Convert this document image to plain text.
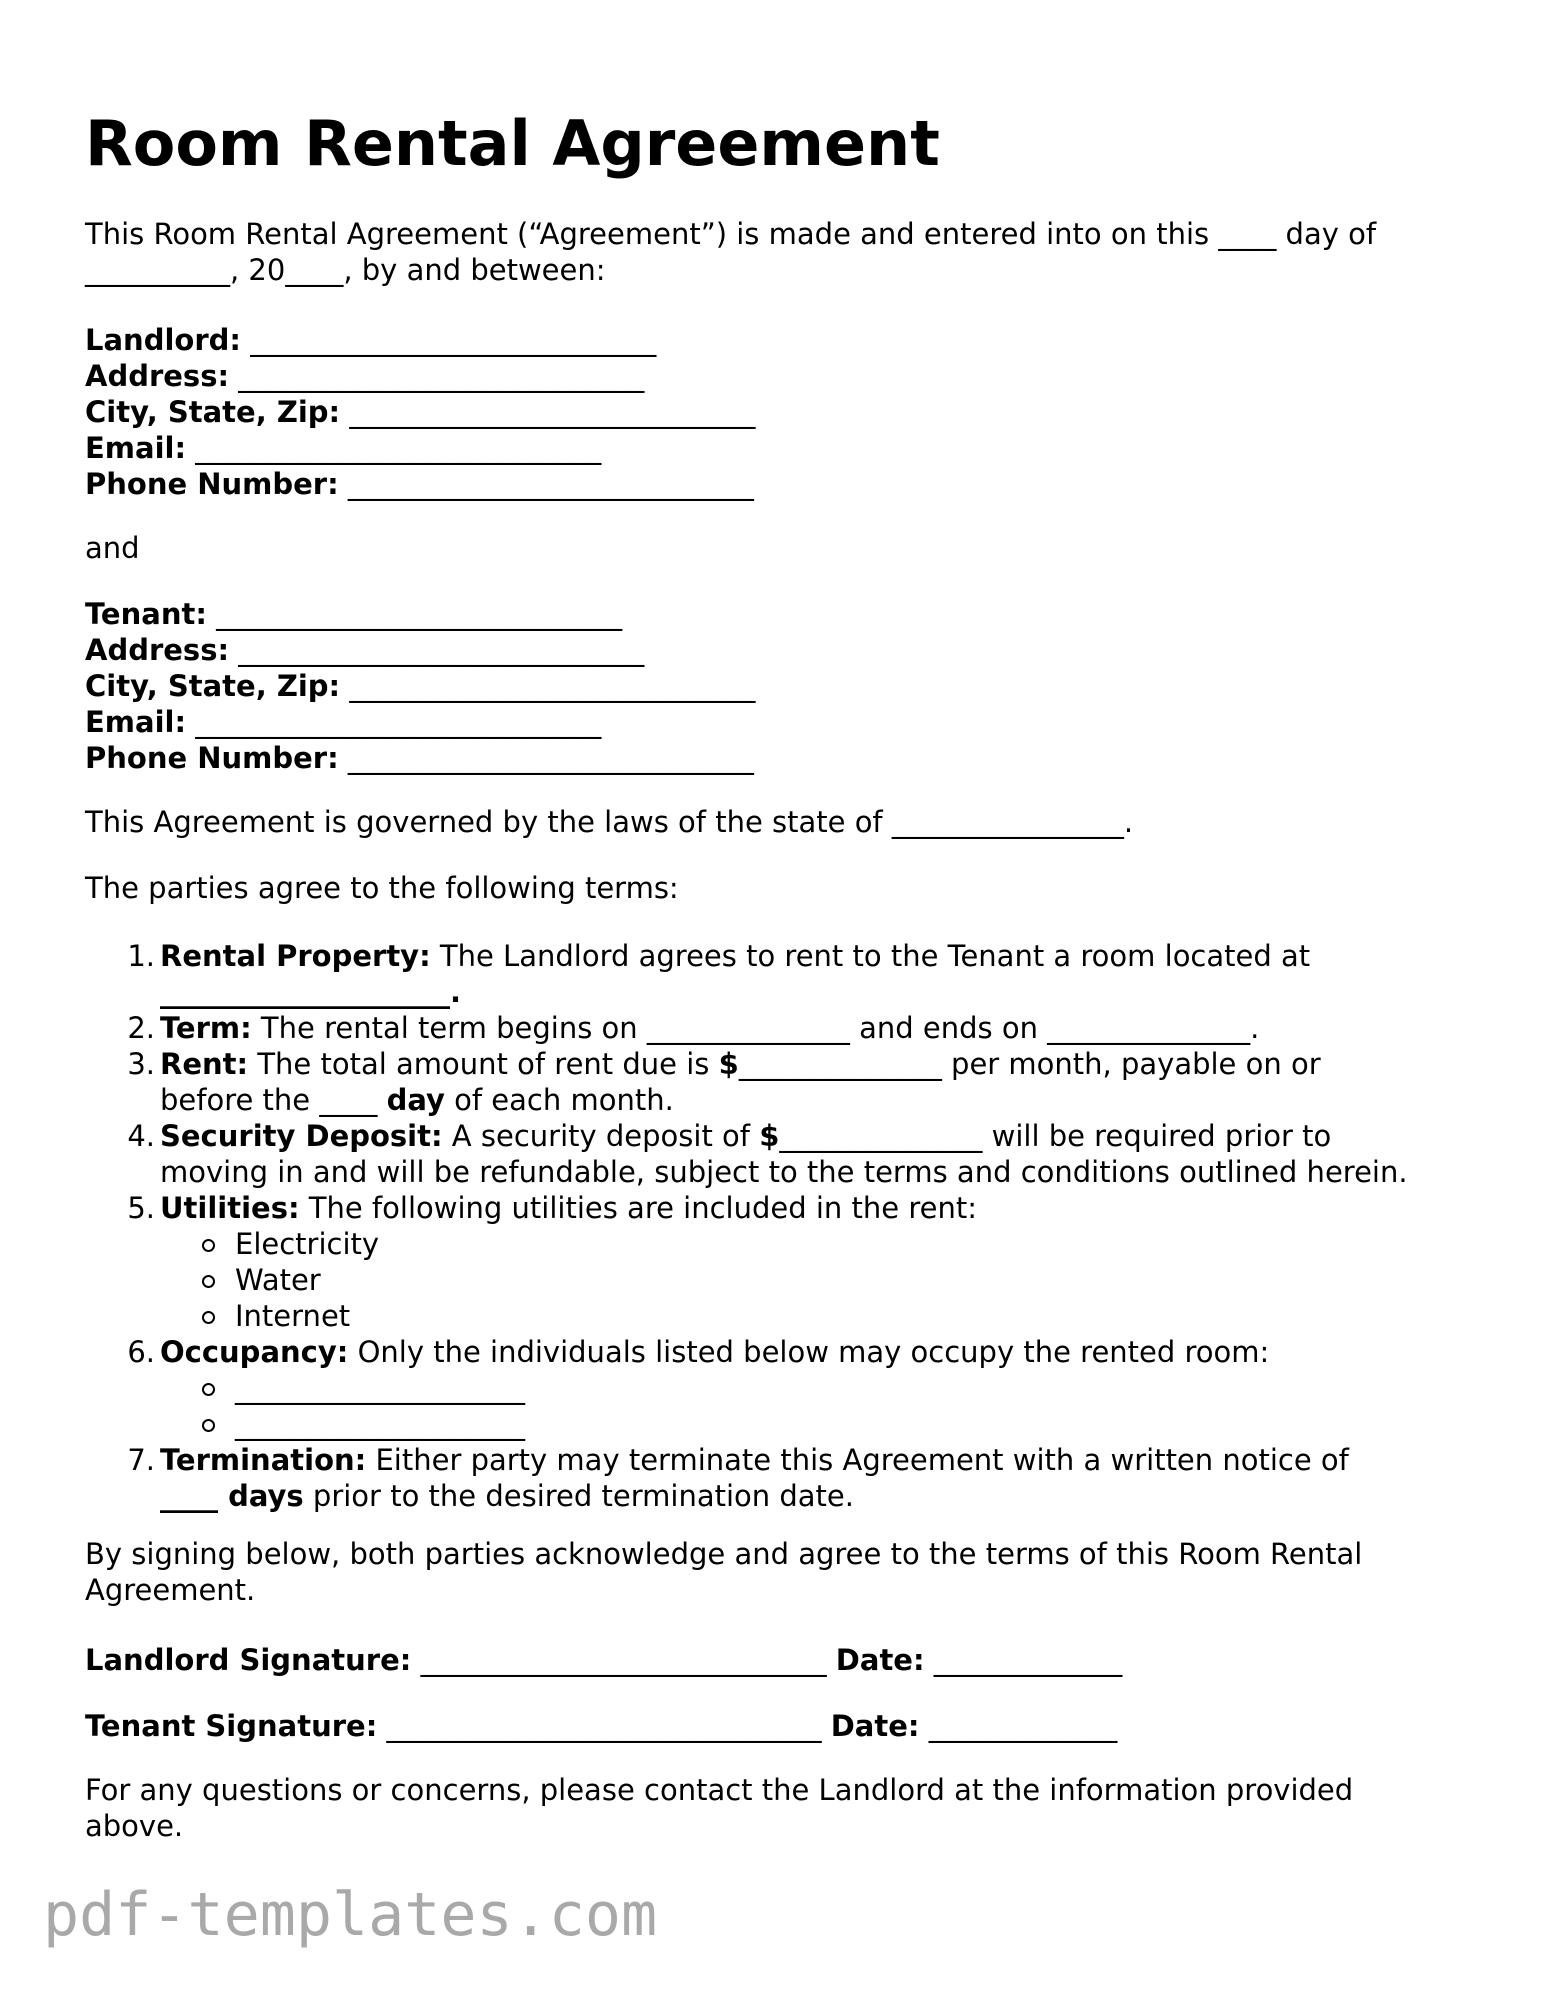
Room Rental Agreement
This Room Rental Agreement (“Agreement”) is made and entered into on this ____ day of
__________, 20____, by and between:
Landlord: ____________________________
Address: ____________________________
City, State, Zip: ____________________________
Email: ____________________________
Phone Number: ____________________________
and
Tenant: ____________________________
Address: ____________________________
City, State, Zip: ____________________________
Email: ____________________________
Phone Number: ____________________________
This Agreement is governed by the laws of the state of ________________.
The parties agree to the following terms:
1. Rental Property: The Landlord agrees to rent to the Tenant a room located at
____________________.
2. Term: The rental term begins on ______________ and ends on ______________.
3. Rent: The total amount of rent due is $______________ per month, payable on or
before the ____ day of each month.
4. Security Deposit: A security deposit of $______________ will be required prior to
moving in and will be refundable, subject to the terms and conditions outlined herein.
5. Utilities: The following utilities are included in the rent:
Electricity
Water
Internet
6. Occupancy: Only the individuals listed below may occupy the rented room:
____________________
____________________
7. Termination: Either party may terminate this Agreement with a written notice of
____ days prior to the desired termination date.
By signing below, both parties acknowledge and agree to the terms of this Room Rental
Agreement.
Landlord Signature: ____________________________ Date: _____________
Tenant Signature: ______________________________ Date: _____________
For any questions or concerns, please contact the Landlord at the information provided
above.
pdf-templates.com
